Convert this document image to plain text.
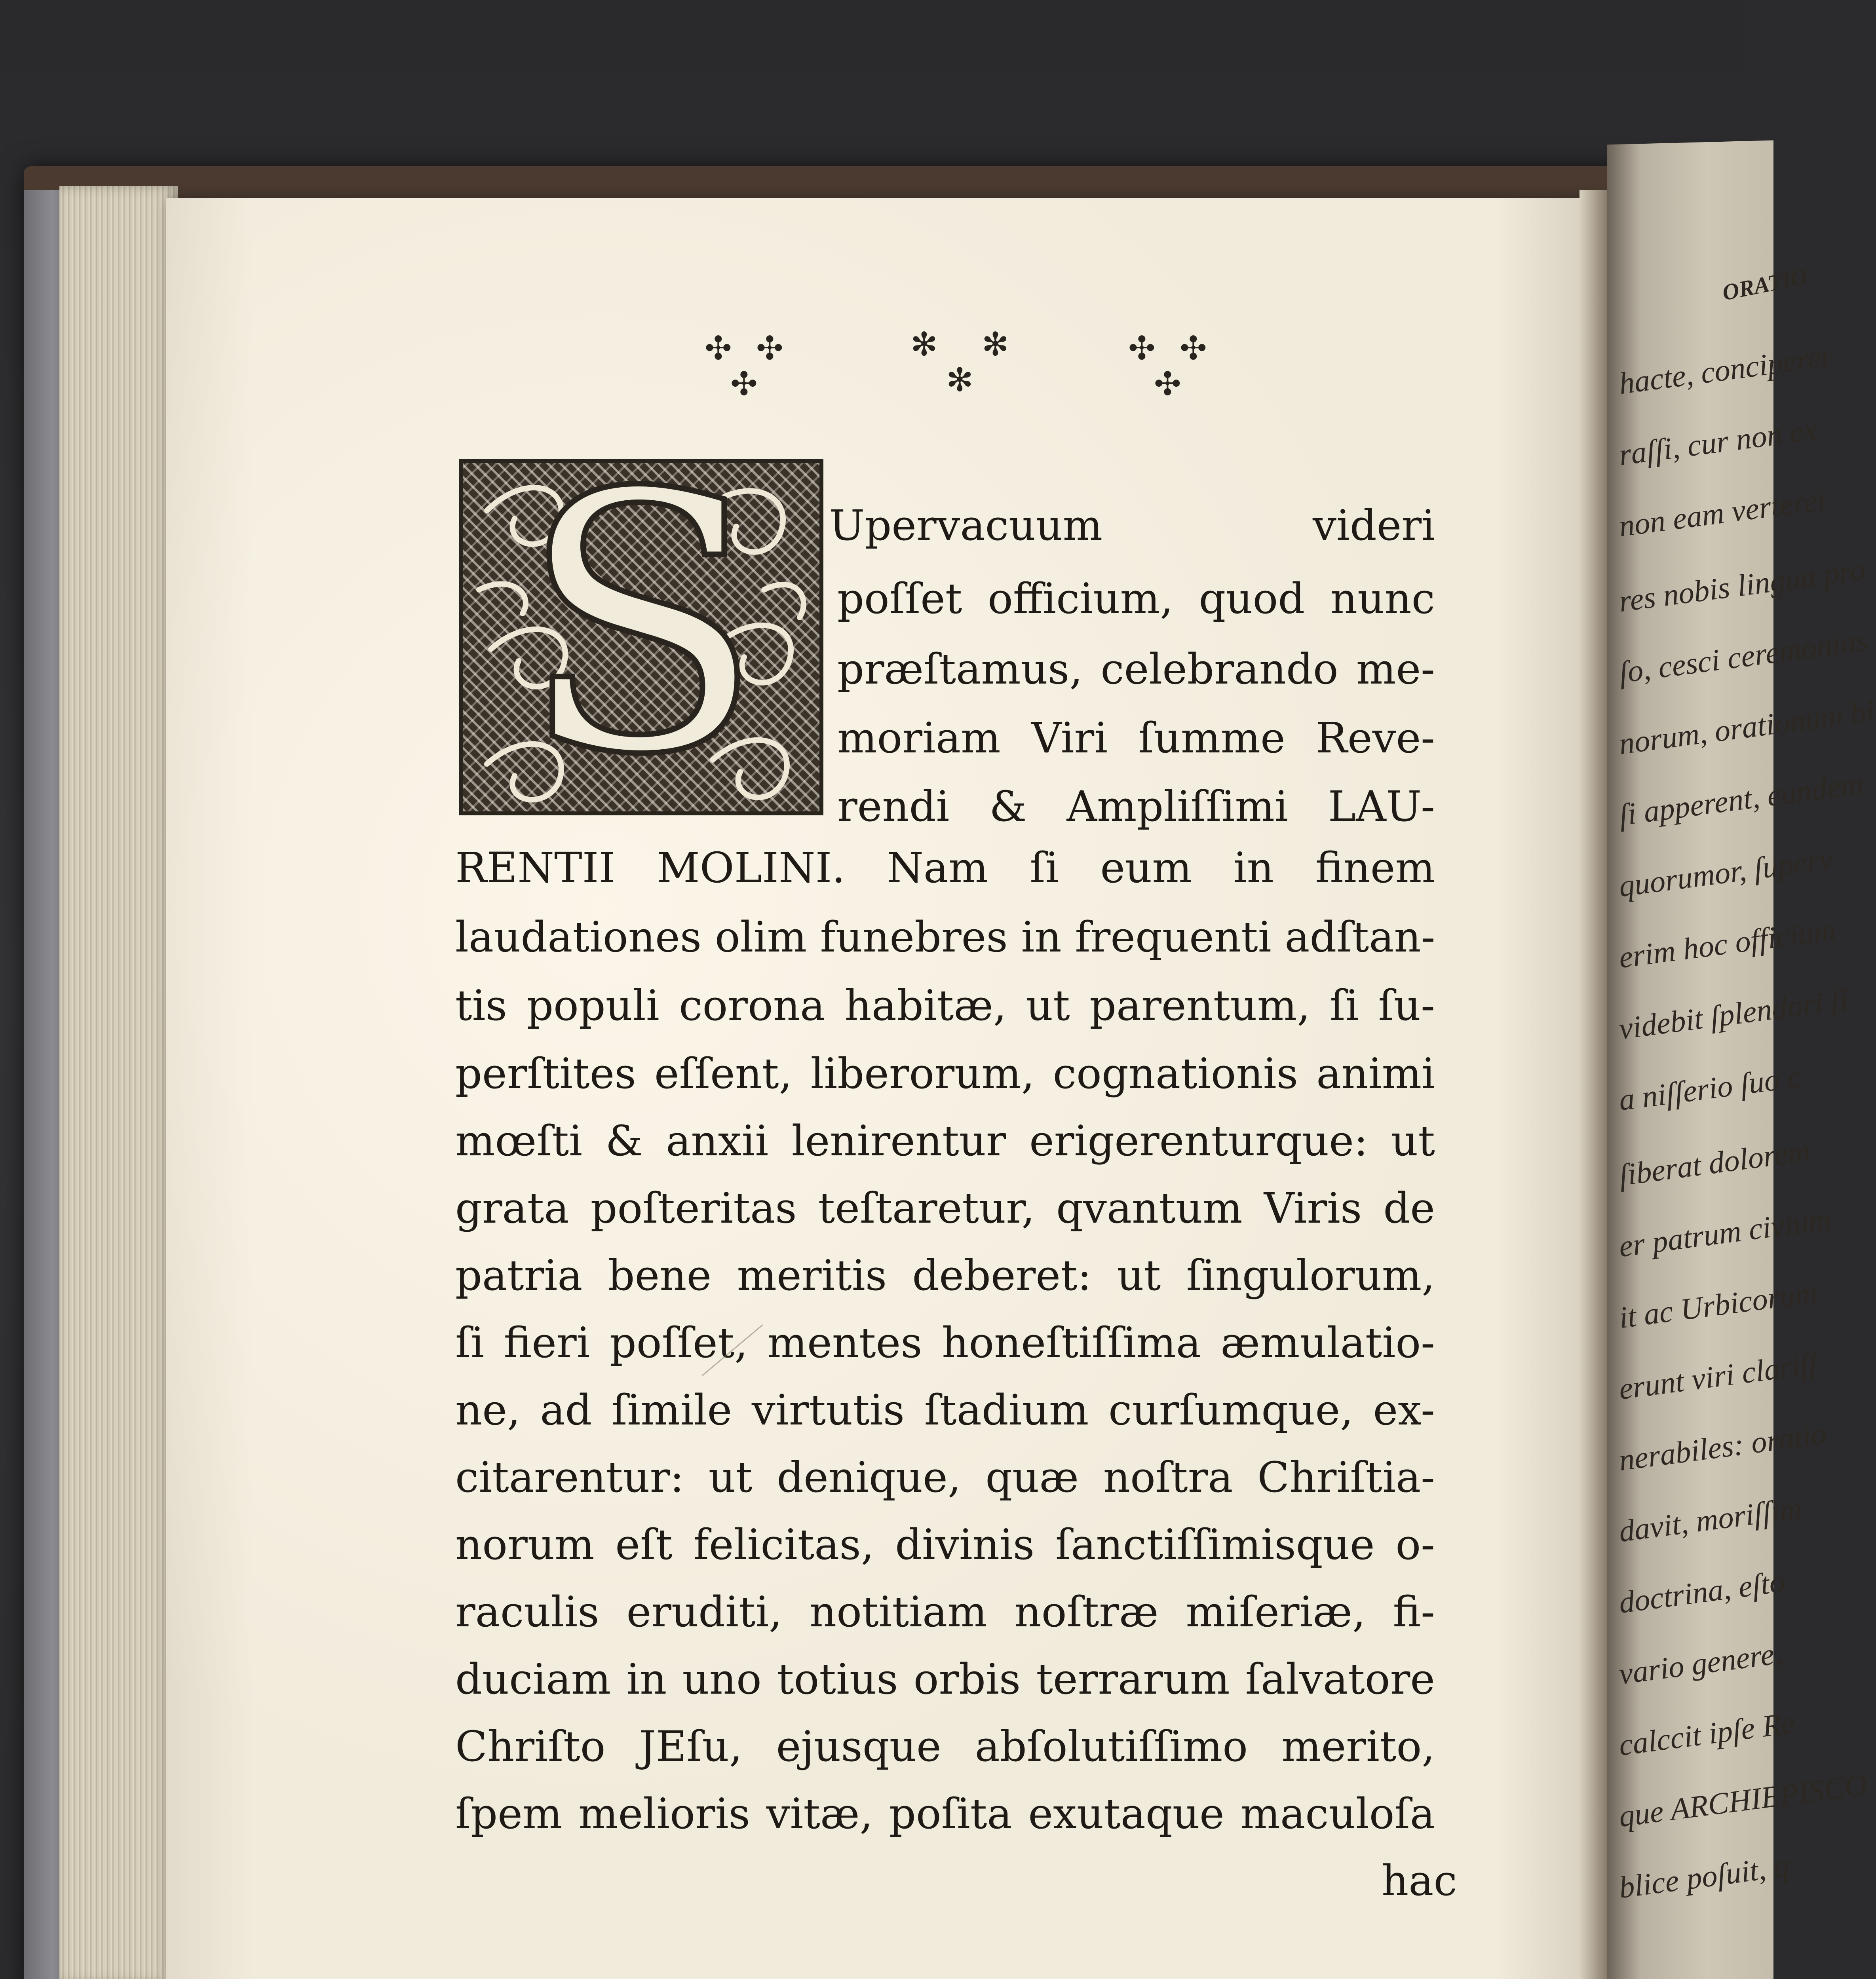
✣ ✣
✣
✻ ✻
✻
✣ ✣
✣
S	Upervacuum videri
poſſet officium, quod nunc
præſtamus, celebrando me-
moriam Viri ſumme Reve-
rendi & Ampliſſimi LAU-
RENTII MOLINI. Nam ſi eum in finem
laudationes olim funebres in frequenti adſtan-
tis populi corona habitæ, ut parentum, ſi ſu-
perſtites eſſent, liberorum, cognationis animi
mœſti & anxii lenirentur erigerenturque: ut
grata poſteritas teſtaretur, qvantum Viris de
patria bene meritis deberet: ut ſingulorum,
ſi fieri poſſet, mentes honeſtiſſima æmulatio-
ne, ad ſimile virtutis ſtadium curſumque, ex-
citarentur: ut denique, quæ noſtra Chriſtia-
norum eſt felicitas, divinis ſanctiſſimisque o-
raculis eruditi, notitiam noſtræ miſeriæ, fi-
duciam in uno totius orbis terrarum ſalvatore
Chriſto JEſu, ejusque abſolutiſſimo merito,
ſpem melioris vitæ, poſita exutaque maculoſa
hac
ORATIO
hacte, conciperet
raſſi, cur non ex
non eam verteret
res nobis lingua pro
ſo, cesci ceremonias
norum, orationum bi
ſi apperent, eundem
quorumor, ſuperv
erim hoc officium
videbit ſplendori ſi
a niſſerio ſuo c
ſiberat dolorem
er patrum civium
it ac Urbicorum
erunt viri clariſſ
nerabiles: oratio
davit, moriſſim
doctrina, eſto
vario genere,
calccit ipſe Re
que ARCHIEPISCO
blice poſuit, q
